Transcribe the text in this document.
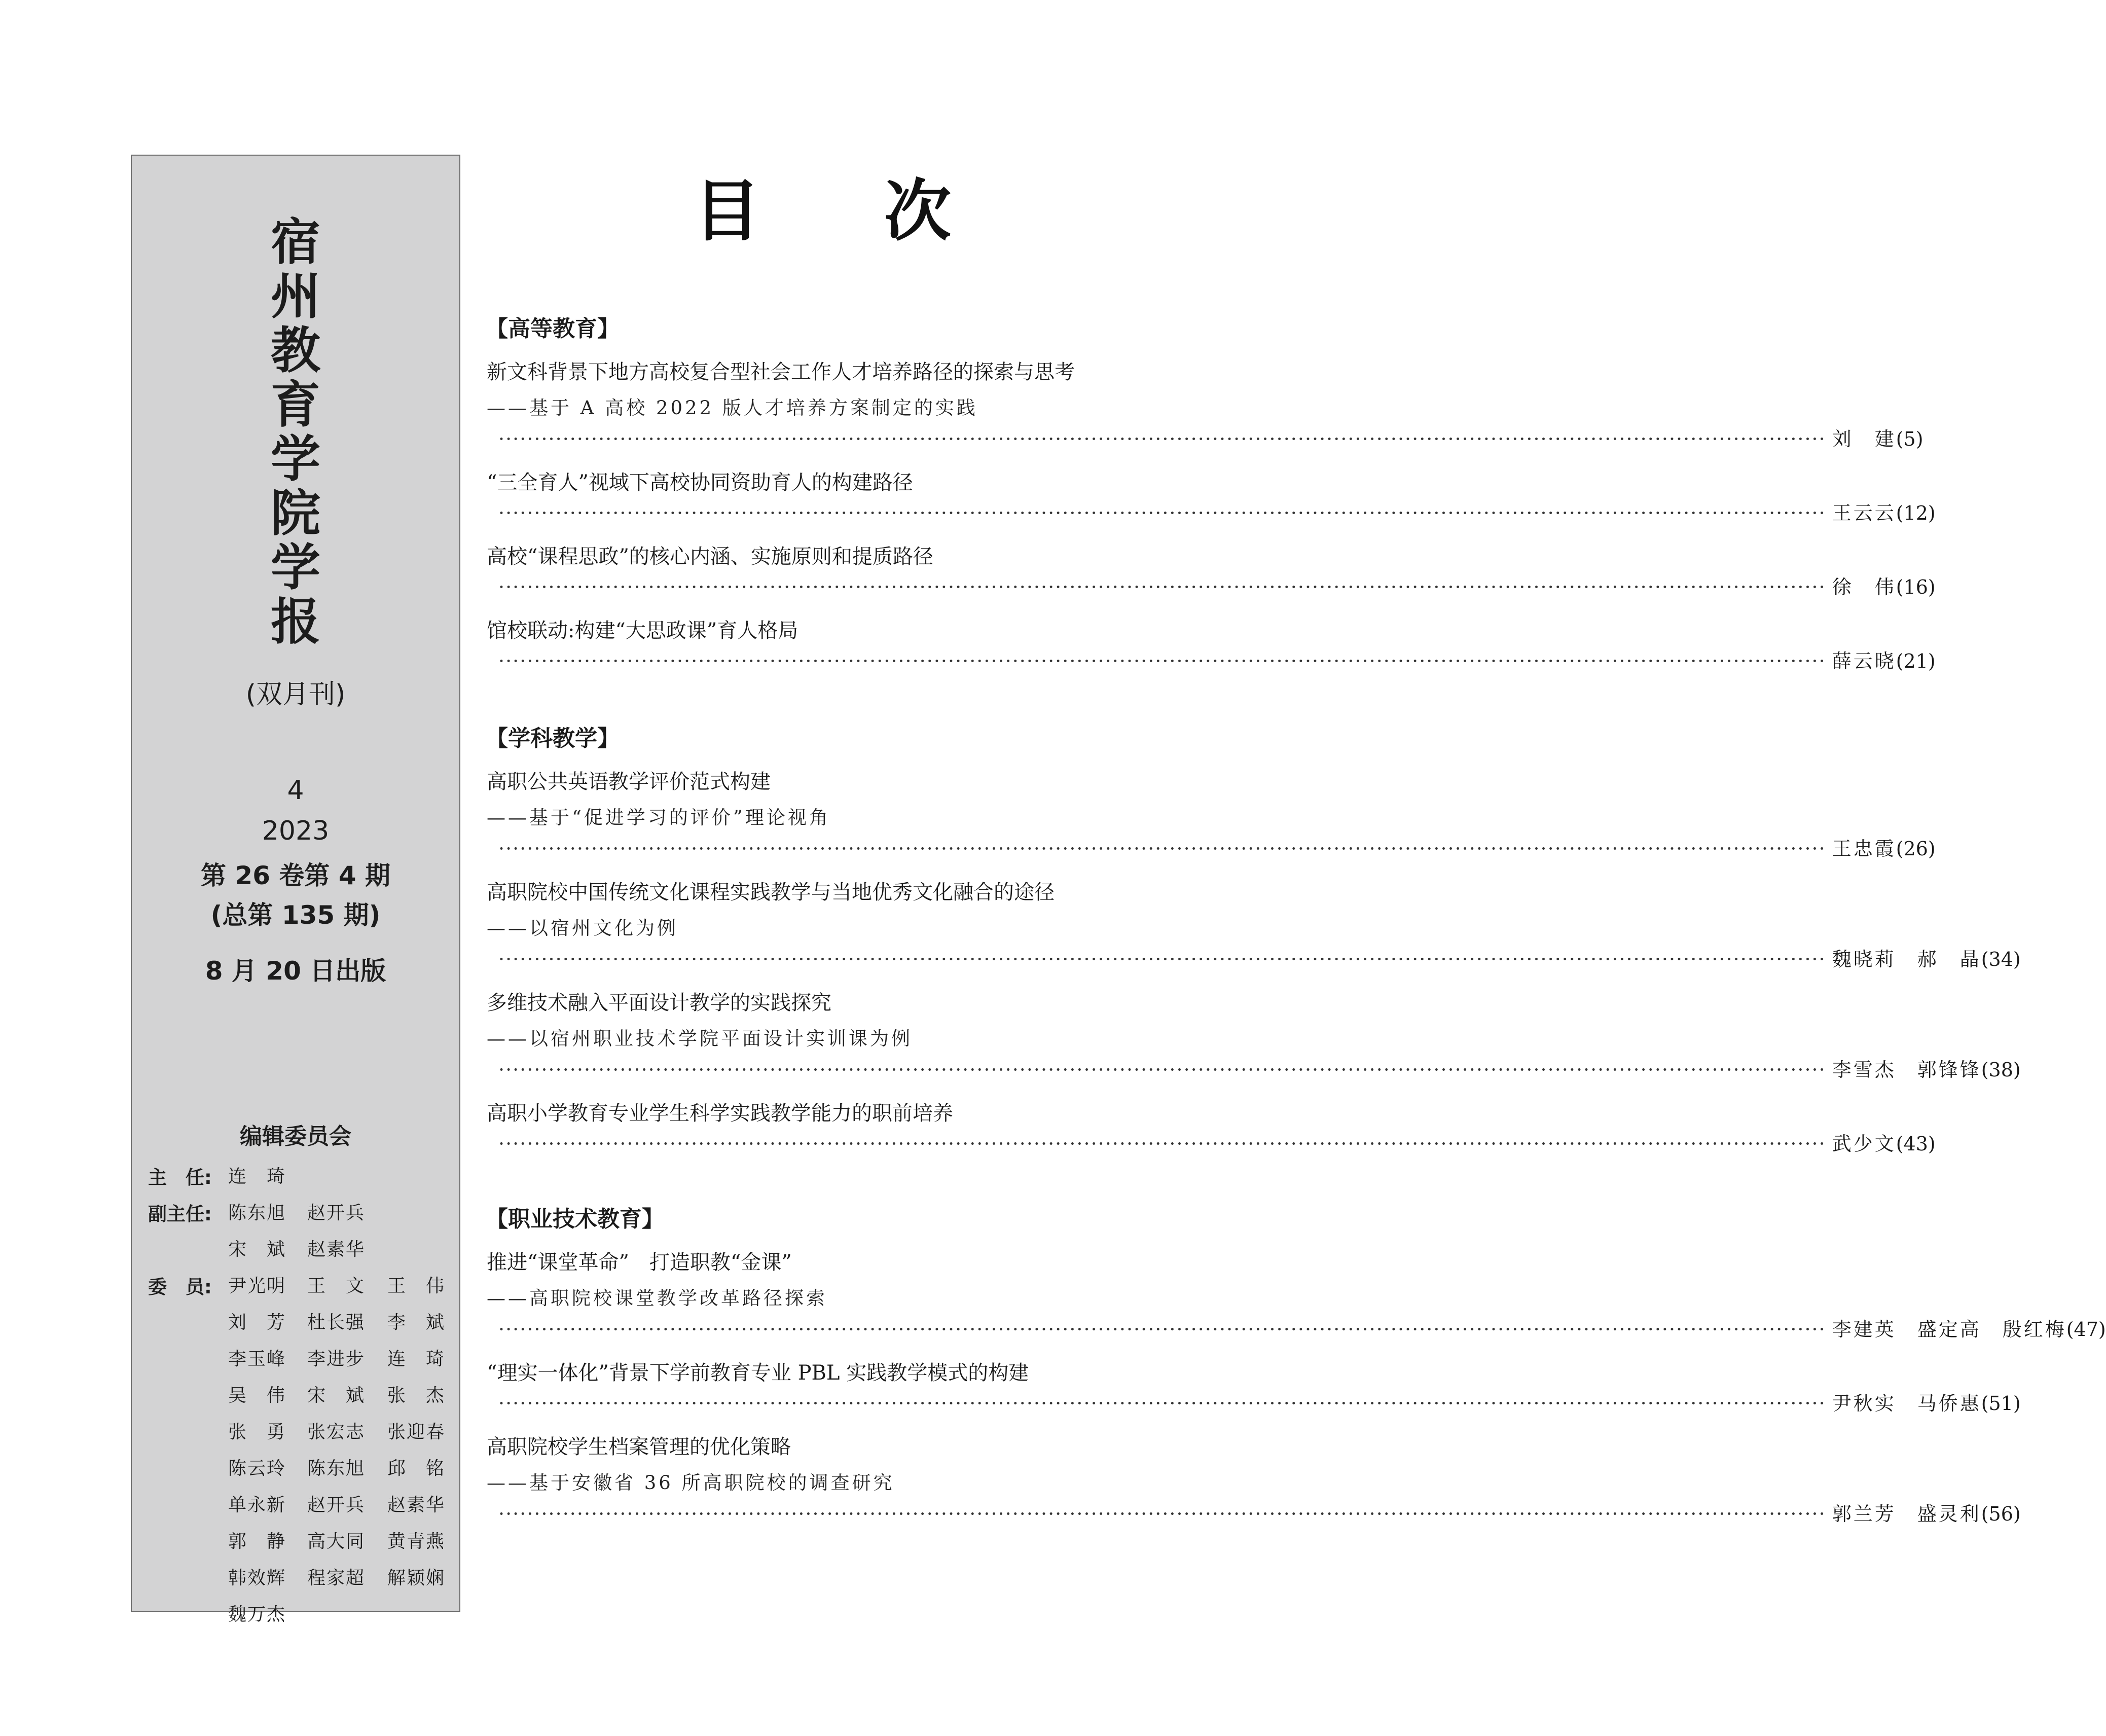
宿
州
教
育
学
院
学
报
(双月刊)
4
2023
第 26 卷第 4 期
(总第 135 期)
8 月 20 日出版
编辑委员会
主　任: 连　琦
副主任: 陈东旭 赵开兵
宋　斌 赵素华
委　员: 尹光明 王　文 王　伟
刘　芳 杜长强 李　斌
李玉峰 李进步 连　琦
吴　伟 宋　斌 张　杰
张　勇 张宏志 张迎春
陈云玲 陈东旭 邱　铭
单永新 赵开兵 赵素华
郭　静 高大同 黄青燕
韩效辉 程家超 解颖娴
魏万杰
目 次
【高等教育】
新文科背景下地方高校复合型社会工作人才培养路径的探索与思考
——基于 A 高校 2022 版人才培养方案制定的实践
·························································································································································································· 刘　建 (5)
“三全育人”视域下高校协同资助育人的构建路径
·························································································································································································· 王云云 (12)
高校“课程思政”的核心内涵、实施原则和提质路径
·························································································································································································· 徐　伟 (16)
馆校联动:构建“大思政课”育人格局
·························································································································································································· 薛云晓 (21)
【学科教学】
高职公共英语教学评价范式构建
——基于“促进学习的评价”理论视角
·························································································································································································· 王忠霞 (26)
高职院校中国传统文化课程实践教学与当地优秀文化融合的途径
——以宿州文化为例
·························································································································································································· 魏晓莉　郝　晶 (34)
多维技术融入平面设计教学的实践探究
——以宿州职业技术学院平面设计实训课为例
·························································································································································································· 李雪杰　郭锋锋 (38)
高职小学教育专业学生科学实践教学能力的职前培养
·························································································································································································· 武少文 (43)
【职业技术教育】
推进“课堂革命”　打造职教“金课”
——高职院校课堂教学改革路径探索
·························································································································································································· 李建英　盛定高　殷红梅 (47)
“理实一体化”背景下学前教育专业 PBL 实践教学模式的构建
·························································································································································································· 尹秋实　马侨惠 (51)
高职院校学生档案管理的优化策略
——基于安徽省 36 所高职院校的调查研究
·························································································································································································· 郭兰芳　盛灵利 (56)
